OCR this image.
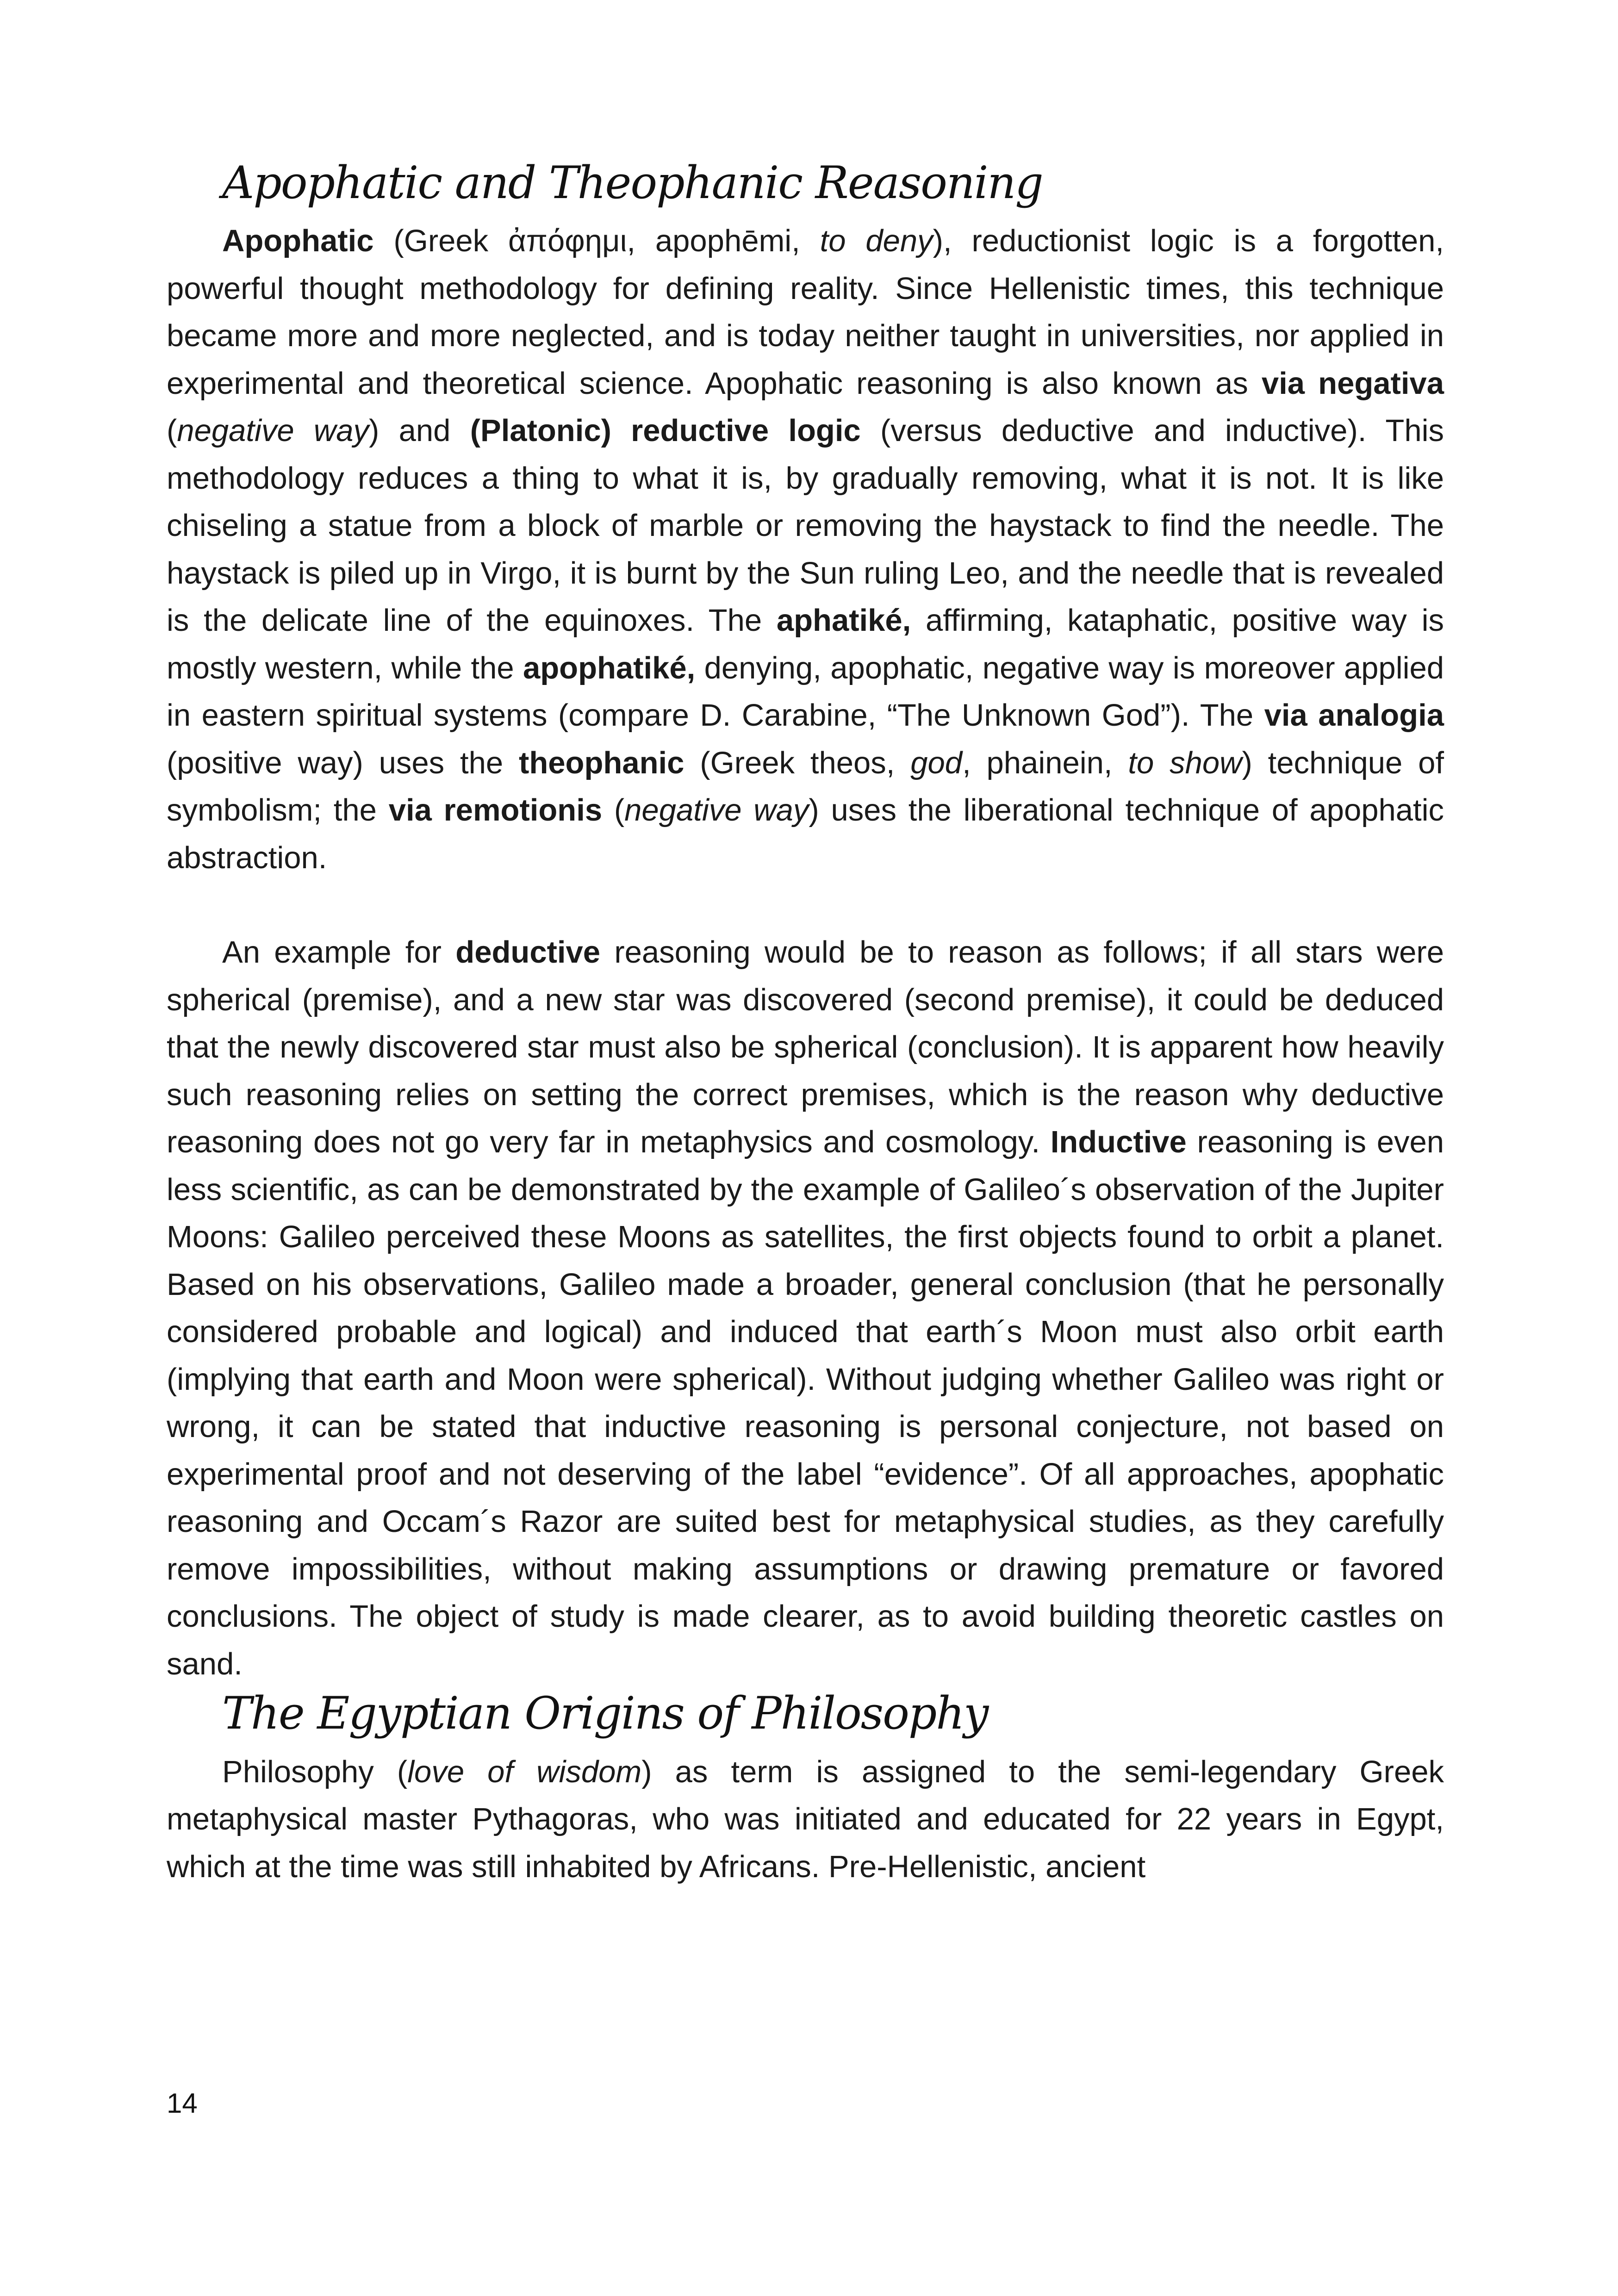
Apophatic and Theophanic Reasoning

Apophatic (Greek ἀπόφημι, apophēmi, to deny), reductionist logic is a forgotten, powerful thought methodology for defining reality. Since Hellenistic times, this technique became more and more neglected, and is today neither taught in universities, nor applied in experimental and theoretical science. Apophatic reasoning is also known as via negativa (negative way) and (Platonic) reductive logic (versus deductive and inductive). This methodology reduces a thing to what it is, by gradually removing, what it is not. It is like chiseling a statue from a block of marble or removing the haystack to find the needle. The haystack is piled up in Virgo, it is burnt by the Sun ruling Leo, and the needle that is revealed is the delicate line of the equinoxes. The aphatiké, affirming, kataphatic, positive way is mostly western, while the apophatiké, denying, apophatic, negative way is moreover applied in eastern spiritual systems (compare D. Carabine, “The Unknown God”). The via analogia (positive way) uses the theophanic (Greek theos, god, phainein, to show) technique of symbolism; the via remotionis (negative way) uses the liberational technique of apophatic abstraction.

An example for deductive reasoning would be to reason as follows; if all stars were spherical (premise), and a new star was discovered (second premise), it could be deduced that the newly discovered star must also be spherical (conclusion). It is apparent how heavily such reasoning relies on setting the correct premises, which is the reason why deductive reasoning does not go very far in metaphysics and cosmology. Inductive reasoning is even less scientific, as can be demonstrated by the example of Galileo´s observation of the Jupiter Moons: Galileo perceived these Moons as satellites, the first objects found to orbit a planet. Based on his observations, Galileo made a broader, general conclusion (that he personally considered probable and logical) and induced that earth´s Moon must also orbit earth (implying that earth and Moon were spherical). Without judging whether Galileo was right or wrong, it can be stated that inductive reasoning is personal conjecture, not based on experimental proof and not deserving of the label “evidence”. Of all approaches, apophatic reasoning and Occam´s Razor are suited best for metaphysical studies, as they carefully remove impossibilities, without making assumptions or drawing premature or favored conclusions. The object of study is made clearer, as to avoid building theoretic castles on sand.

The Egyptian Origins of Philosophy

Philosophy (love of wisdom) as term is assigned to the semi-legendary Greek metaphysical master Pythagoras, who was initiated and educated for 22 years in Egypt, which at the time was still inhabited by Africans. Pre-Hellenistic, ancient

14
